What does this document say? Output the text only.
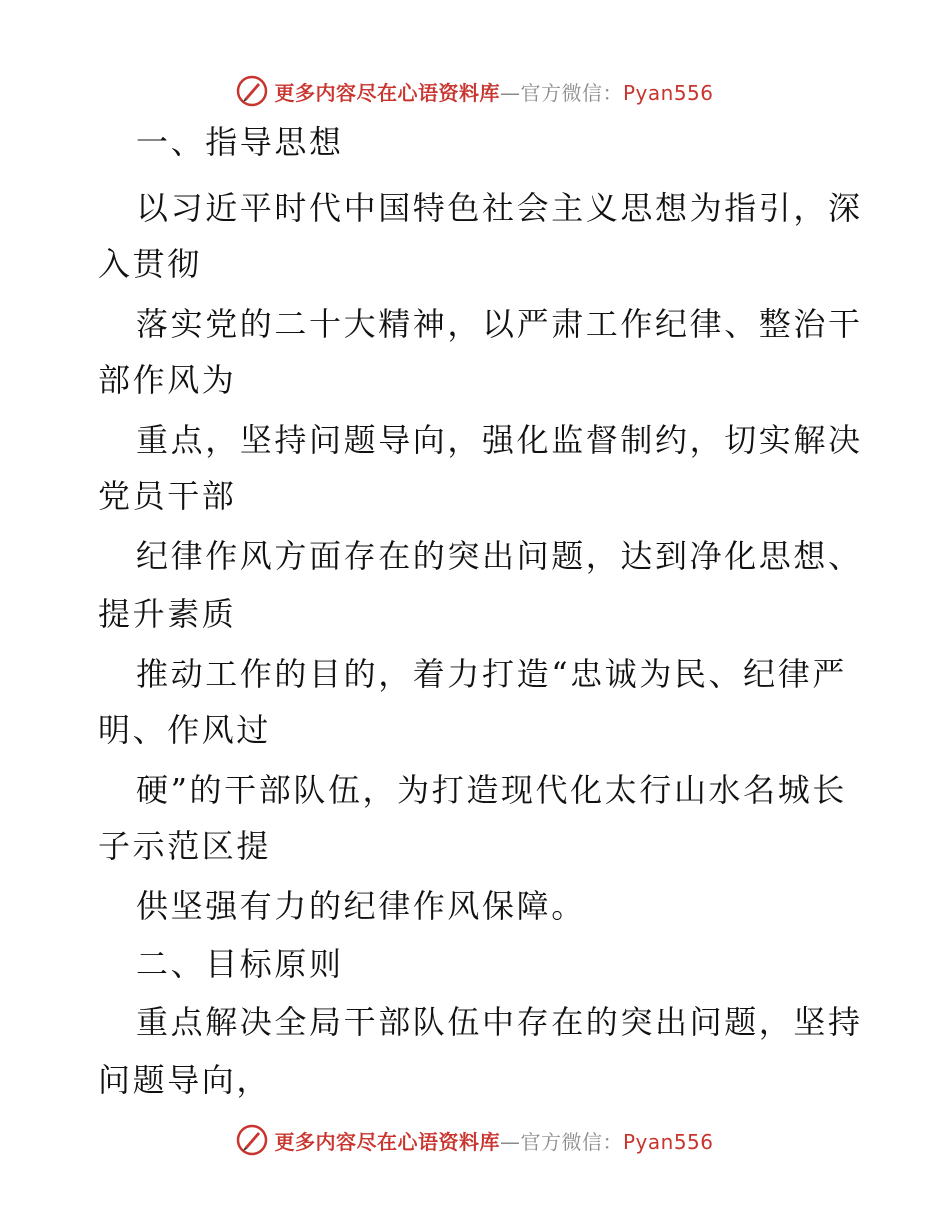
更多内容尽在心语资料库—官方微信：Pyan556
一、指导思想
以习近平时代中国特色社会主义思想为指引，深
入贯彻
落实党的二十大精神，以严肃工作纪律、整治干
部作风为
重点，坚持问题导向，强化监督制约，切实解决
党员干部
纪律作风方面存在的突出问题，达到净化思想、
提升素质
推动工作的目的，着力打造“忠诚为民、纪律严
明、作风过
硬”的干部队伍，为打造现代化太行山水名城长
子示范区提
供坚强有力的纪律作风保障。
二、目标原则
重点解决全局干部队伍中存在的突出问题，坚持
问题导向，
更多内容尽在心语资料库—官方微信：Pyan556
